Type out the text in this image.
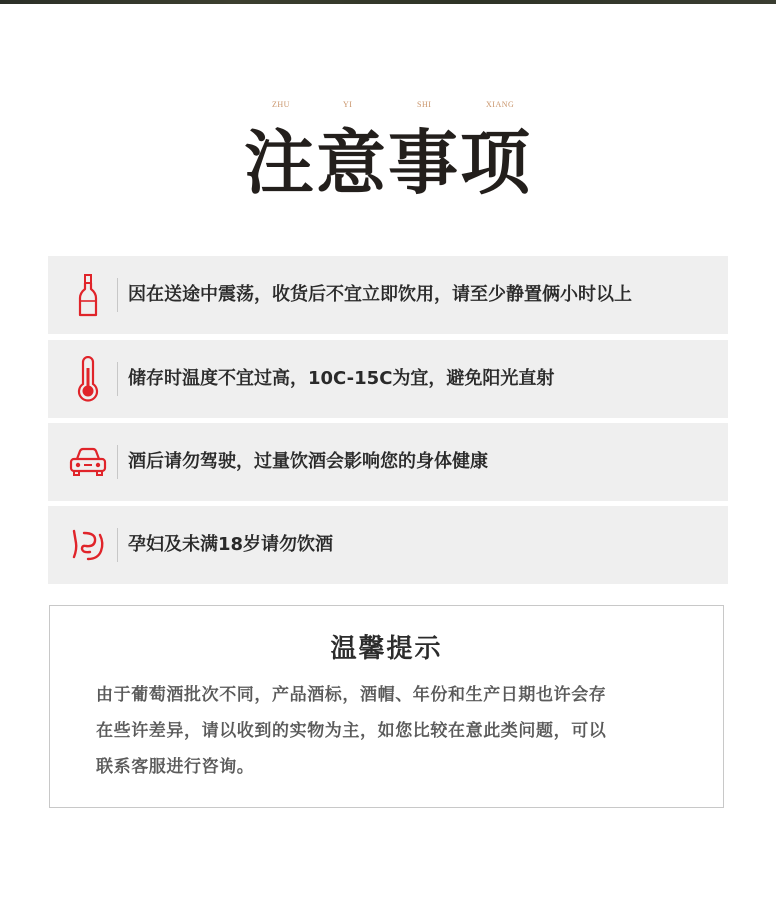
ZHU	YI	SHI	XIANG
注意事项
因在送途中震荡，收货后不宜立即饮用，请至少静置俩小时以上
储存时温度不宜过高，10C-15C为宜，避免阳光直射
酒后请勿驾驶，过量饮酒会影响您的身体健康
孕妇及未满18岁请勿饮酒
温馨提示
由于葡萄酒批次不同，产品酒标，酒帽、年份和生产日期也许会存
在些许差异，请以收到的实物为主，如您比较在意此类问题，可以
联系客服进行咨询。
